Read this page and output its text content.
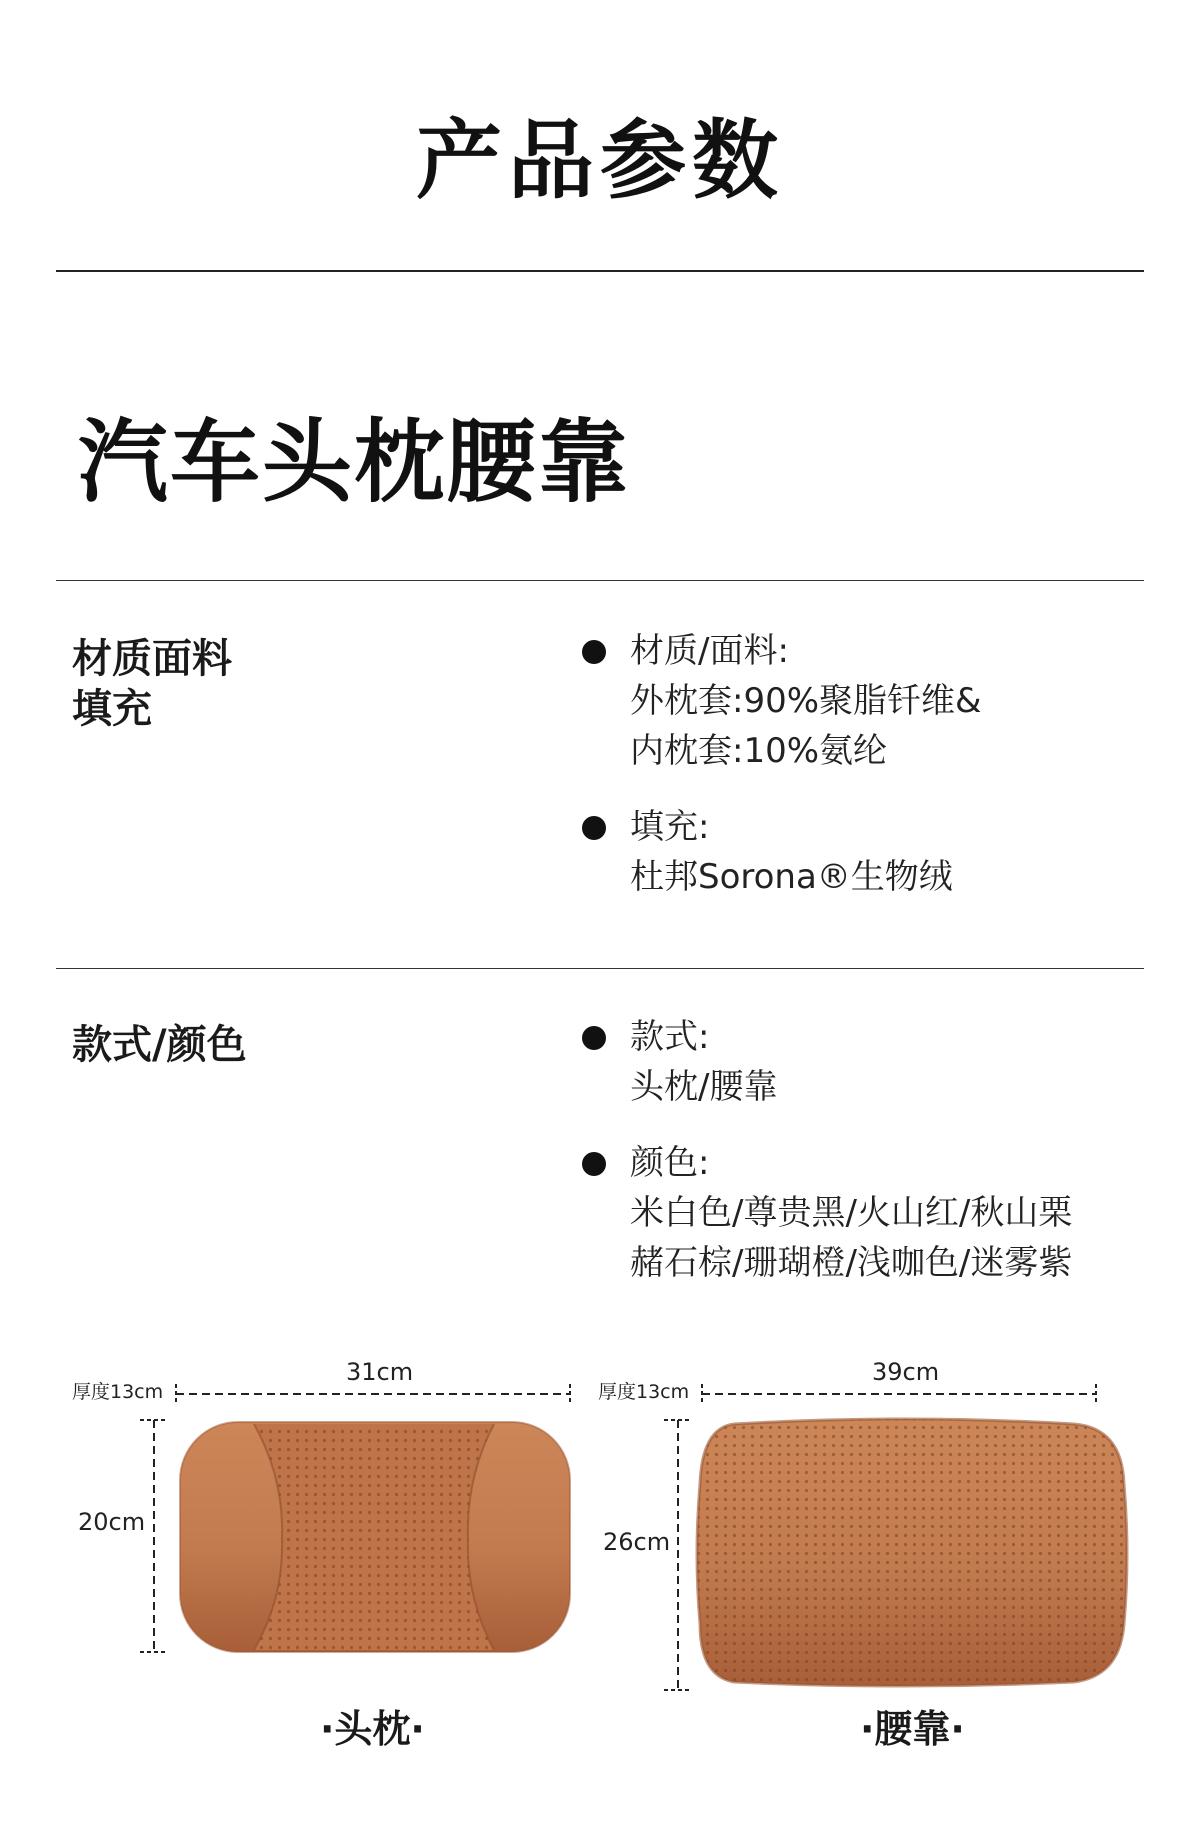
产品参数
汽车头枕腰靠
材质面料
填充
材质/面料:
外枕套:90%聚脂钎维&
内枕套:10%氨纶
填充:
杜邦Sorona®生物绒
款式/颜色	款式:
头枕/腰靠
颜色:
米白色/尊贵黑/火山红/秋山栗
赭石棕/珊瑚橙/浅咖色/迷雾紫
厚度13cm
31cm
20cm
·头枕·
厚度13cm
39cm
26cm
·腰靠·
